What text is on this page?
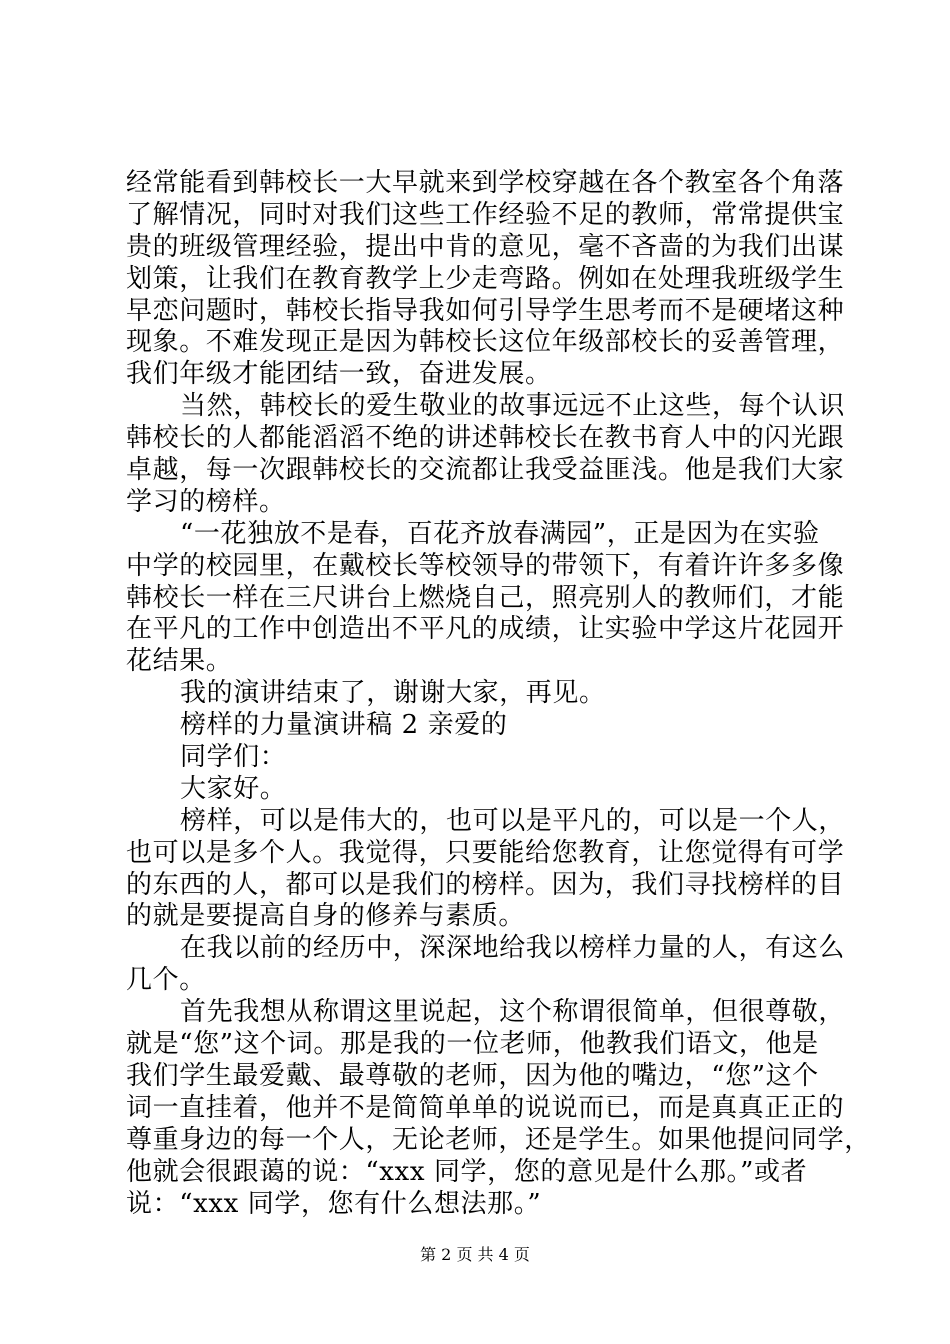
经常能看到韩校长一大早就来到学校穿越在各个教室各个角落
了解情况，同时对我们这些工作经验不足的教师，常常提供宝
贵的班级管理经验，提出中肯的意见，毫不吝啬的为我们出谋
划策，让我们在教育教学上少走弯路。例如在处理我班级学生
早恋问题时，韩校长指导我如何引导学生思考而不是硬堵这种
现象。不难发现正是因为韩校长这位年级部校长的妥善管理，
我们年级才能团结一致，奋进发展。
当然，韩校长的爱生敬业的故事远远不止这些，每个认识
韩校长的人都能滔滔不绝的讲述韩校长在教书育人中的闪光跟
卓越，每一次跟韩校长的交流都让我受益匪浅。他是我们大家
学习的榜样。
“一花独放不是春，百花齐放春满园”，正是因为在实验
中学的校园里，在戴校长等校领导的带领下，有着许许多多像
韩校长一样在三尺讲台上燃烧自己，照亮别人的教师们，才能
在平凡的工作中创造出不平凡的成绩，让实验中学这片花园开
花结果。
我的演讲结束了，谢谢大家，再见。
榜样的力量演讲稿 2 亲爱的
同学们：
大家好。
榜样，可以是伟大的，也可以是平凡的，可以是一个人，
也可以是多个人。我觉得，只要能给您教育，让您觉得有可学
的东西的人，都可以是我们的榜样。因为，我们寻找榜样的目
的就是要提高自身的修养与素质。
在我以前的经历中，深深地给我以榜样力量的人，有这么
几个。
首先我想从称谓这里说起，这个称谓很简单，但很尊敬，
就是“您”这个词。那是我的一位老师，他教我们语文，他是
我们学生最爱戴、最尊敬的老师，因为他的嘴边，“您”这个
词一直挂着，他并不是简简单单的说说而已，而是真真正正的
尊重身边的每一个人，无论老师，还是学生。如果他提问同学，
他就会很跟蔼的说：“xxx 同学，您的意见是什么那。”或者
说：“xxx 同学，您有什么想法那。”
第 2 页 共 4 页
